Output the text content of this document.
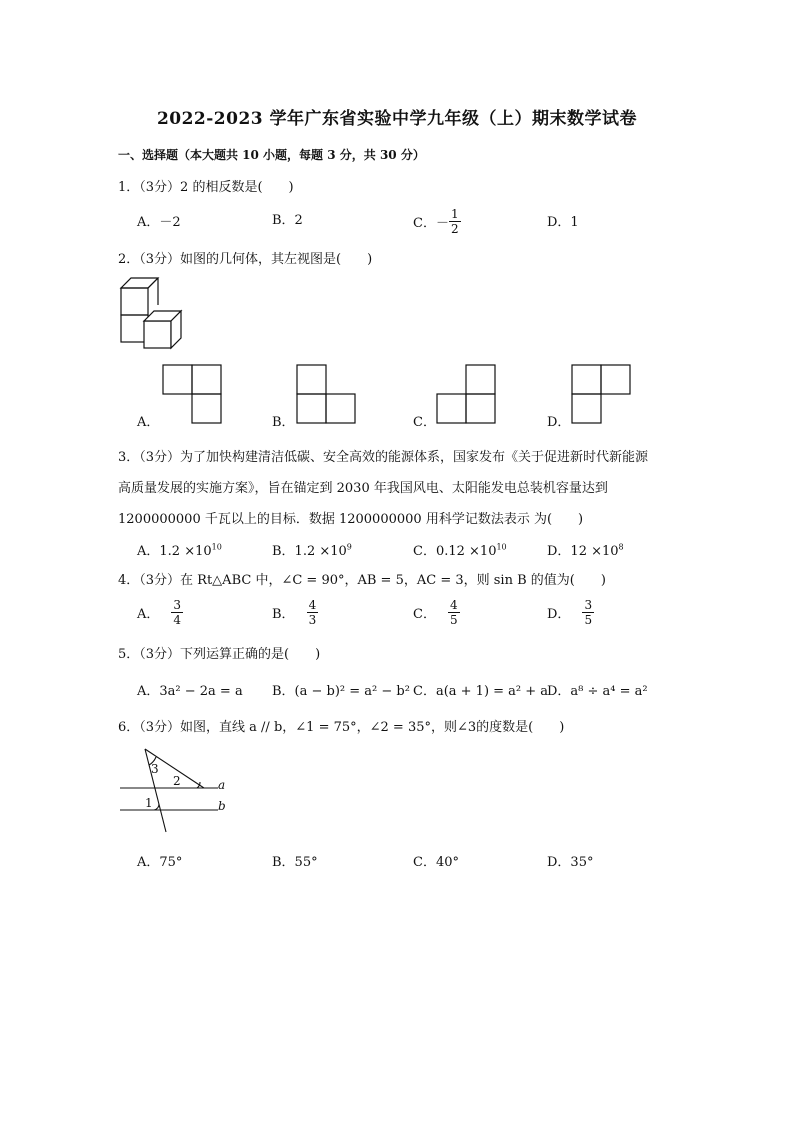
2022-2023 学年广东省实验中学九年级（上）期末数学试卷
一、选择题（本大题共 10 小题，每题 3 分，共 30 分）
1．（3分）2 的相反数是(　　)
A．－2	B．2	C．－ $\frac{1}{2}$	D．1
2．（3分）如图的几何体，其左视图是(　　)
A．	B．	C．	D．
3．（3分）为了加快构建清洁低碳、安全高效的能源体系，国家发布《关于促进新时代新能源
高质量发展的实施方案》，旨在锚定到 2030 年我国风电、太阳能发电总装机容量达到
1200000000 千瓦以上的目标．数据 1200000000 用科学记数法表示 为(　　)
A．$1.2 \times 10^{10}$	B．$1.2 \times 10^9$	C．$0.12 \times 10^{10}$	D．$12 \times 10^8$
4．（3分）在 Rt△ABC 中，∠C = 90°，AB = 5，AC = 3，则 sin B 的值为(　　)
A． $\frac{3}{4}$	B． $\frac{4}{3}$	C． $\frac{4}{5}$	D． $\frac{3}{5}$
5．（3分）下列运算正确的是(　　)
A．3a² − 2a = a B．(a − b)² = a² − b² C．a(a + 1) = a² + a
D．a⁸ ÷ a⁴ = a²
6．（3分）如图，直线 a // b，∠1 = 75°，∠2 = 35°，则∠3的度数是(　　)
3
2
1
a
b
A．75°	B．55°	C．40°	D．35°
